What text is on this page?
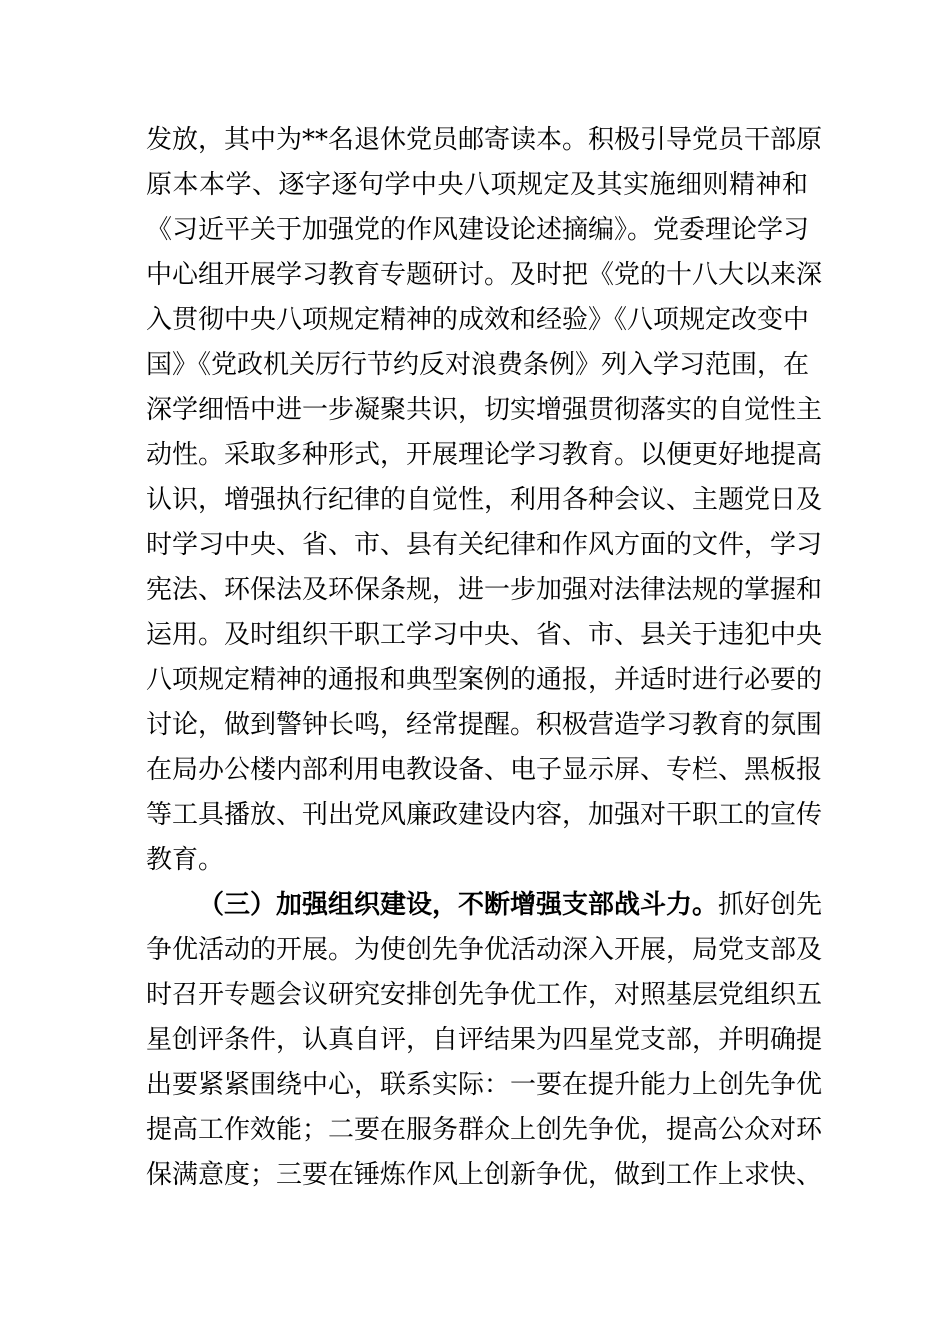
发放，其中为**名退休党员邮寄读本。积极引导党员干部原
原本本学、逐字逐句学中央八项规定及其实施细则精神和
《习近平关于加强党的作风建设论述摘编》。党委理论学习
中心组开展学习教育专题研讨。及时把《党的十八大以来深
入贯彻中央八项规定精神的成效和经验》《八项规定改变中
国》《党政机关厉行节约反对浪费条例》列入学习范围，在
深学细悟中进一步凝聚共识，切实增强贯彻落实的自觉性主
动性。采取多种形式，开展理论学习教育。以便更好地提高
认识，增强执行纪律的自觉性，利用各种会议、主题党日及
时学习中央、省、市、县有关纪律和作风方面的文件，学习
宪法、环保法及环保条规，进一步加强对法律法规的掌握和
运用。及时组织干职工学习中央、省、市、县关于违犯中央
八项规定精神的通报和典型案例的通报，并适时进行必要的
讨论，做到警钟长鸣，经常提醒。积极营造学习教育的氛围
在局办公楼内部利用电教设备、电子显示屏、专栏、黑板报
等工具播放、刊出党风廉政建设内容，加强对干职工的宣传
教育。
（三）加强组织建设，不断增强支部战斗力。 抓好创先
争优活动的开展。为使创先争优活动深入开展，局党支部及
时召开专题会议研究安排创先争优工作，对照基层党组织五
星创评条件，认真自评，自评结果为四星党支部，并明确提
出要紧紧围绕中心，联系实际：一要在提升能力上创先争优
提高工作效能；二要在服务群众上创先争优，提高公众对环
保满意度；三要在锤炼作风上创新争优，做到工作上求快、
